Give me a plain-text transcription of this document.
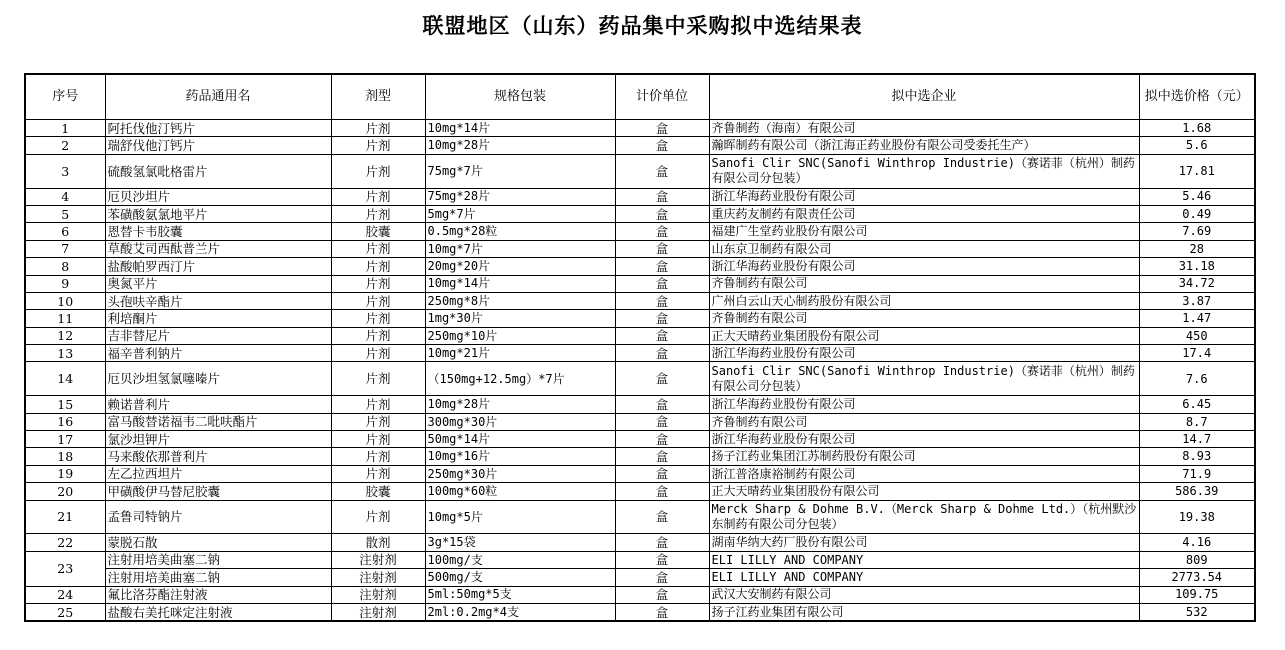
联盟地区（山东）药品集中采购拟中选结果表
序号	药品通用名	剂型	规格包装	计价单位	拟中选企业	拟中选价格（元）
1	阿托伐他汀钙片	片剂	10mg*14片	盒	齐鲁制药（海南）有限公司	1.68
2	瑞舒伐他汀钙片	片剂	10mg*28片	盒	瀚晖制药有限公司（浙江海正药业股份有限公司受委托生产）	5.6
3	硫酸氢氯吡格雷片	片剂	75mg*7片	盒	Sanofi Clir SNC(Sanofi Winthrop Industrie)（赛诺菲（杭州）制药有限公司分包装）	17.81
4	厄贝沙坦片	片剂	75mg*28片	盒	浙江华海药业股份有限公司	5.46
5	苯磺酸氨氯地平片	片剂	5mg*7片	盒	重庆药友制药有限责任公司	0.49
6	恩替卡韦胶囊	胶囊	0.5mg*28粒	盒	福建广生堂药业股份有限公司	7.69
7	草酸艾司西酞普兰片	片剂	10mg*7片	盒	山东京卫制药有限公司	28
8	盐酸帕罗西汀片	片剂	20mg*20片	盒	浙江华海药业股份有限公司	31.18
9	奥氮平片	片剂	10mg*14片	盒	齐鲁制药有限公司	34.72
10	头孢呋辛酯片	片剂	250mg*8片	盒	广州白云山天心制药股份有限公司	3.87
11	利培酮片	片剂	1mg*30片	盒	齐鲁制药有限公司	1.47
12	吉非替尼片	片剂	250mg*10片	盒	正大天晴药业集团股份有限公司	450
13	福辛普利钠片	片剂	10mg*21片	盒	浙江华海药业股份有限公司	17.4
14	厄贝沙坦氢氯噻嗪片	片剂	（150mg+12.5mg）*7片	盒	Sanofi Clir SNC(Sanofi Winthrop Industrie)（赛诺菲（杭州）制药有限公司分包装）	7.6
15	赖诺普利片	片剂	10mg*28片	盒	浙江华海药业股份有限公司	6.45
16	富马酸替诺福韦二吡呋酯片	片剂	300mg*30片	盒	齐鲁制药有限公司	8.7
17	氯沙坦钾片	片剂	50mg*14片	盒	浙江华海药业股份有限公司	14.7
18	马来酸依那普利片	片剂	10mg*16片	盒	扬子江药业集团江苏制药股份有限公司	8.93
19	左乙拉西坦片	片剂	250mg*30片	盒	浙江普洛康裕制药有限公司	71.9
20	甲磺酸伊马替尼胶囊	胶囊	100mg*60粒	盒	正大天晴药业集团股份有限公司	586.39
21	孟鲁司特钠片	片剂	10mg*5片	盒	Merck Sharp & Dohme B.V.（Merck Sharp & Dohme Ltd.）（杭州默沙东制药有限公司分包装）	19.38
22	蒙脱石散	散剂	3g*15袋	盒	湖南华纳大药厂股份有限公司	4.16
23	注射用培美曲塞二钠	注射剂	100mg/支	盒	ELI LILLY AND COMPANY	809
	注射用培美曲塞二钠	注射剂	500mg/支	盒	ELI LILLY AND COMPANY	2773.54
24	氟比洛芬酯注射液	注射剂	5ml:50mg*5支	盒	武汉大安制药有限公司	109.75
25	盐酸右美托咪定注射液	注射剂	2ml:0.2mg*4支	盒	扬子江药业集团有限公司	532
